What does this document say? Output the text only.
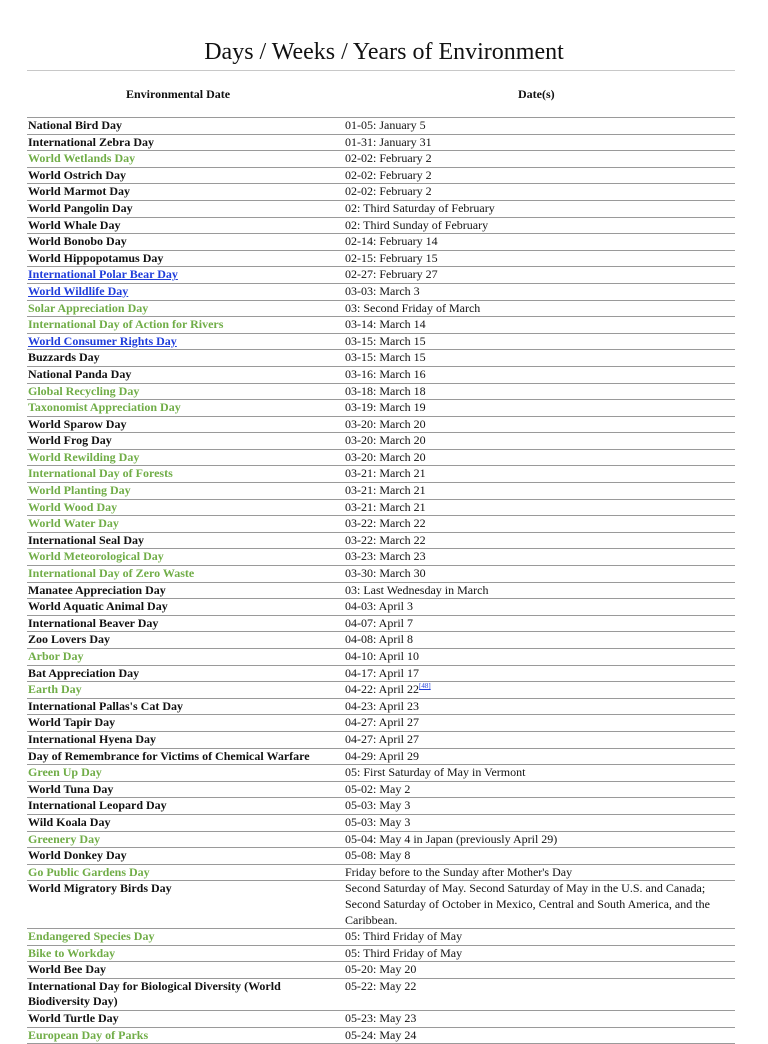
Days / Weeks / Years of Environment
Environmental Date	Date(s)
National Bird Day	01-05: January 5
International Zebra Day	01-31: January 31
World Wetlands Day	02-02: February 2
World Ostrich Day	02-02: February 2
World Marmot Day	02-02: February 2
World Pangolin Day	02: Third Saturday of February
World Whale Day	02: Third Sunday of February
World Bonobo Day	02-14: February 14
World Hippopotamus Day	02-15: February 15
International Polar Bear Day	02-27: February 27
World Wildlife Day	03-03: March 3
Solar Appreciation Day	03: Second Friday of March
International Day of Action for Rivers	03-14: March 14
World Consumer Rights Day	03-15: March 15
Buzzards Day	03-15: March 15
National Panda Day	03-16: March 16
Global Recycling Day	03-18: March 18
Taxonomist Appreciation Day	03-19: March 19
World Sparow Day	03-20: March 20
World Frog Day	03-20: March 20
World Rewilding Day	03-20: March 20
International Day of Forests	03-21: March 21
World Planting Day	03-21: March 21
World Wood Day	03-21: March 21
World Water Day	03-22: March 22
International Seal Day	03-22: March 22
World Meteorological Day	03-23: March 23
International Day of Zero Waste	03-30: March 30
Manatee Appreciation Day	03: Last Wednesday in March
World Aquatic Animal Day	04-03: April 3
International Beaver Day	04-07: April 7
Zoo Lovers Day	04-08: April 8
Arbor Day	04-10: April 10
Bat Appreciation Day	04-17: April 17
Earth Day	04-22: April 22[48]
International Pallas's Cat Day	04-23: April 23
World Tapir Day	04-27: April 27
International Hyena Day	04-27: April 27
Day of Remembrance for Victims of Chemical Warfare	04-29: April 29
Green Up Day	05: First Saturday of May in Vermont
World Tuna Day	05-02: May 2
International Leopard Day	05-03: May 3
Wild Koala Day	05-03: May 3
Greenery Day	05-04: May 4 in Japan (previously April 29)
World Donkey Day	05-08: May 8
Go Public Gardens Day	Friday before to the Sunday after Mother's Day
World Migratory Birds Day	Second Saturday of May. Second Saturday of May in the U.S. and Canada; Second Saturday of October in Mexico, Central and South America, and the Caribbean.
Endangered Species Day	05: Third Friday of May
Bike to Workday	05: Third Friday of May
World Bee Day	05-20: May 20
International Day for Biological Diversity (World Biodiversity Day)	05-22: May 22
World Turtle Day	05-23: May 23
European Day of Parks	05-24: May 24
